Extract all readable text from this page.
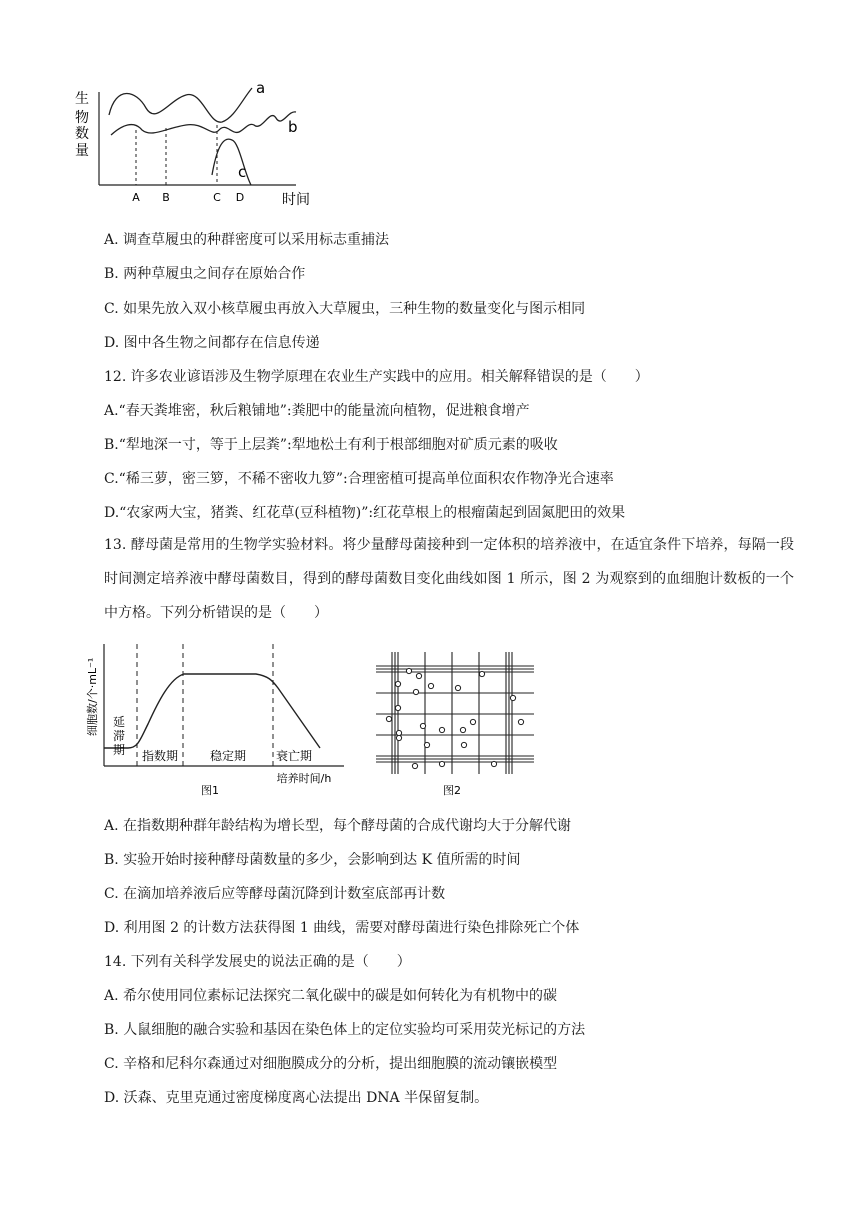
生
物
数
量
A B	C D	时间
a
b
c
A. 调查草履虫的种群密度可以采用标志重捕法
B. 两种草履虫之间存在原始合作
C. 如果先放入双小核草履虫再放入大草履虫，三种生物的数量变化与图示相同
D. 图中各生物之间都存在信息传递
12. 许多农业谚语涉及生物学原理在农业生产实践中的应用。相关解释错误的是（　　）
A.“春天粪堆密，秋后粮铺地”:粪肥中的能量流向植物，促进粮食增产
B.“犁地深一寸，等于上层粪”:犁地松土有利于根部细胞对矿质元素的吸收
C.“稀三萝，密三箩，不稀不密收九箩”:合理密植可提高单位面积农作物净光合速率
D.“农家两大宝，猪粪、红花草(豆科植物)”:红花草根上的根瘤菌起到固氮肥田的效果
13. 酵母菌是常用的生物学实验材料。将少量酵母菌接种到一定体积的培养液中，在适宜条件下培养，每隔一段时间测定培养液中酵母菌数目，得到的酵母菌数目变化曲线如图 1 所示，图 2 为观察到的血细胞计数板的一个中方格。下列分析错误的是（　　）
细胞数/个·mL⁻¹ 延
滞
期 指数期	稳定期 衰亡期
培养时间/h
图1	图2
A. 在指数期种群年龄结构为增长型，每个酵母菌的合成代谢均大于分解代谢
B. 实验开始时接种酵母菌数量的多少，会影响到达 K 值所需的时间
C. 在滴加培养液后应等酵母菌沉降到计数室底部再计数
D. 利用图 2 的计数方法获得图 1 曲线，需要对酵母菌进行染色排除死亡个体
14. 下列有关科学发展史的说法正确的是（　　）
A. 希尔使用同位素标记法探究二氧化碳中的碳是如何转化为有机物中的碳
B. 人鼠细胞的融合实验和基因在染色体上的定位实验均可采用荧光标记的方法
C. 辛格和尼科尔森通过对细胞膜成分的分析，提出细胞膜的流动镶嵌模型
D. 沃森、克里克通过密度梯度离心法提出 DNA 半保留复制。
